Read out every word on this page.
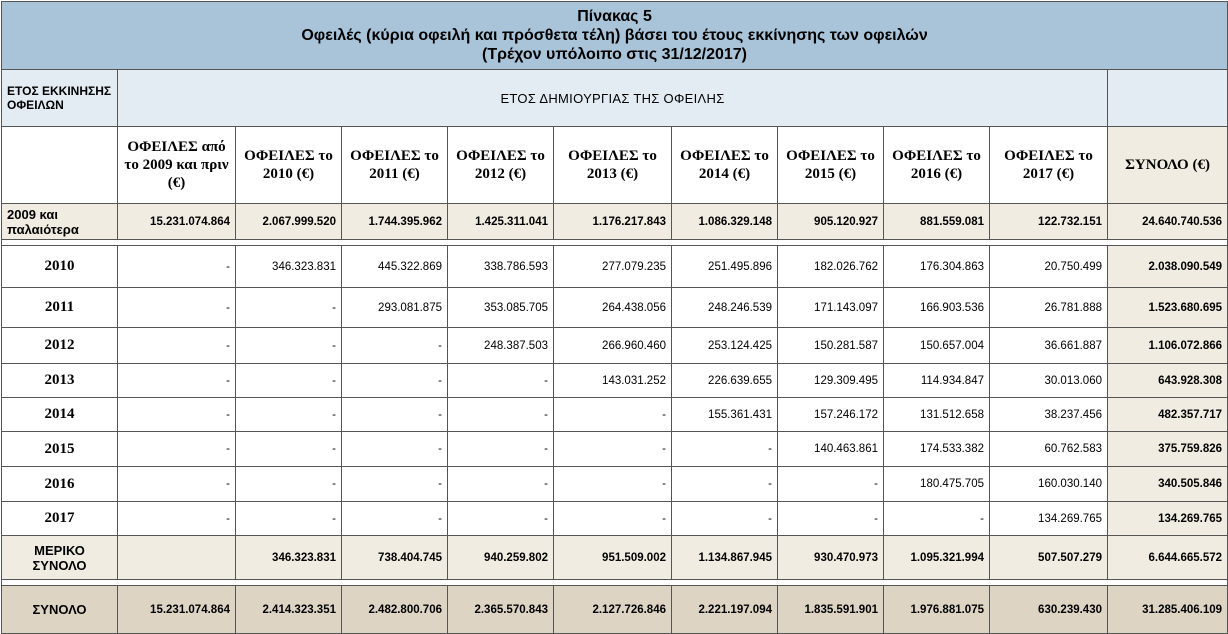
Πίνακας 5
Οφειλές (κύρια οφειλή και πρόσθετα τέλη) βάσει του έτους εκκίνησης των οφειλών
(Τρέχον υπόλοιπο στις 31/12/2017)										

ΕΤΟΣ ΕΚΚΙΝΗΣΗΣ ΟΦΕΙΛΩΝ	ΕΤΟΣ ΔΗΜΙΟΥΡΓΙΑΣ ΤΗΣ ΟΦΕΙΛΗΣ									
	ΟΦΕΙΛΕΣ από το 2009 και πριν (€)	ΟΦΕΙΛΕΣ το 2010 (€)	ΟΦΕΙΛΕΣ το 2011 (€)	ΟΦΕΙΛΕΣ το 2012 (€)	ΟΦΕΙΛΕΣ το 2013 (€)	ΟΦΕΙΛΕΣ το 2014 (€)	ΟΦΕΙΛΕΣ το 2015 (€)	ΟΦΕΙΛΕΣ το 2016 (€)	ΟΦΕΙΛΕΣ το 2017 (€)	ΣΥΝΟΛΟ (€)
2009 και παλαιότερα	15.231.074.864	2.067.999.520	1.744.395.962	1.425.311.041	1.176.217.843	1.086.329.148	905.120.927	881.559.081	122.732.151	24.640.740.536

2010	-	346.323.831	445.322.869	338.786.593	277.079.235	251.495.896	182.026.762	176.304.863	20.750.499	2.038.090.549
2011	-	-	293.081.875	353.085.705	264.438.056	248.246.539	171.143.097	166.903.536	26.781.888	1.523.680.695
2012	-	-	-	248.387.503	266.960.460	253.124.425	150.281.587	150.657.004	36.661.887	1.106.072.866
2013	-	-	-	-	143.031.252	226.639.655	129.309.495	114.934.847	30.013.060	643.928.308
2014	-	-	-	-	-	155.361.431	157.246.172	131.512.658	38.237.456	482.357.717
2015	-	-	-	-	-	-	140.463.861	174.533.382	60.762.583	375.759.826
2016	-	-	-	-	-	-	-	180.475.705	160.030.140	340.505.846
2017	-	-	-	-	-	-	-	-	134.269.765	134.269.765
ΜΕΡΙΚΟ ΣΥΝΟΛΟ		346.323.831	738.404.745	940.259.802	951.509.002	1.134.867.945	930.470.973	1.095.321.994	507.507.279	6.644.665.572

ΣΥΝΟΛΟ	15.231.074.864	2.414.323.351	2.482.800.706	2.365.570.843	2.127.726.846	2.221.197.094	1.835.591.901	1.976.881.075	630.239.430	31.285.406.109
